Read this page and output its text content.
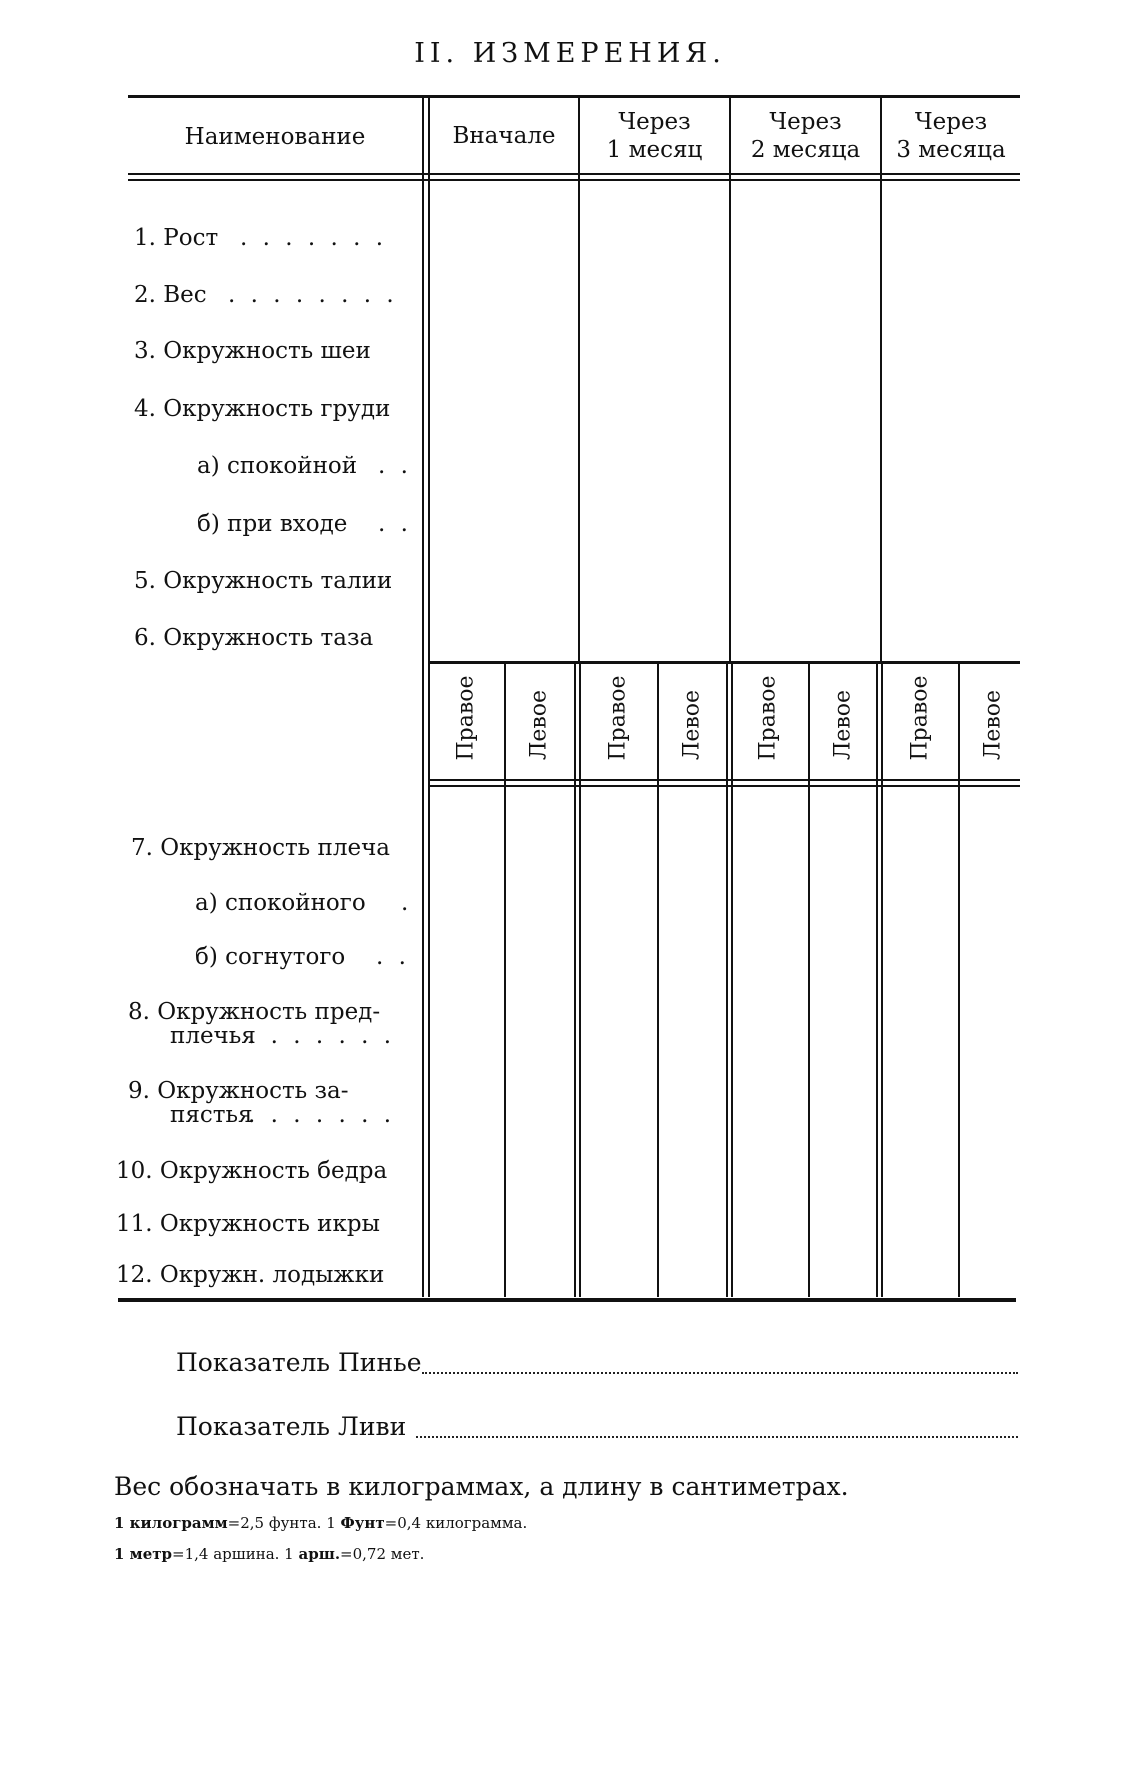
II. ИЗМЕРЕНИЯ.
Наименование	Вначале
Через
1 месяц
Через
2 месяца
Через
3 месяца
1. Рост . . . . . . .
2. Вес . . . . . . . .
3. Окружность шеи
4. Окружность груди
а) спокойной . .
б) при входе . .
5. Окружность талии
6. Окружность таза
Правое Левое Правое Левое Правое Левое Правое Левое
7. Окружность плеча
а) спокойного .
б) согнутого . .
8. Окружность пред-
плечья
. . . . . . .
9. Окружность за-
пястья
. . . . . . .
10. Окружность бедра
11. Окружность икры
12. Окружн. лодыжки
Показатель Пинье
Показатель Ливи
Вес обозначать в килограммах, а длину в сантиметрах.
1 килограмм=2,5 фунта. 1 Фунт=0,4 килограмма.
1 метр=1,4 аршина. 1 арш.=0,72 мет.
